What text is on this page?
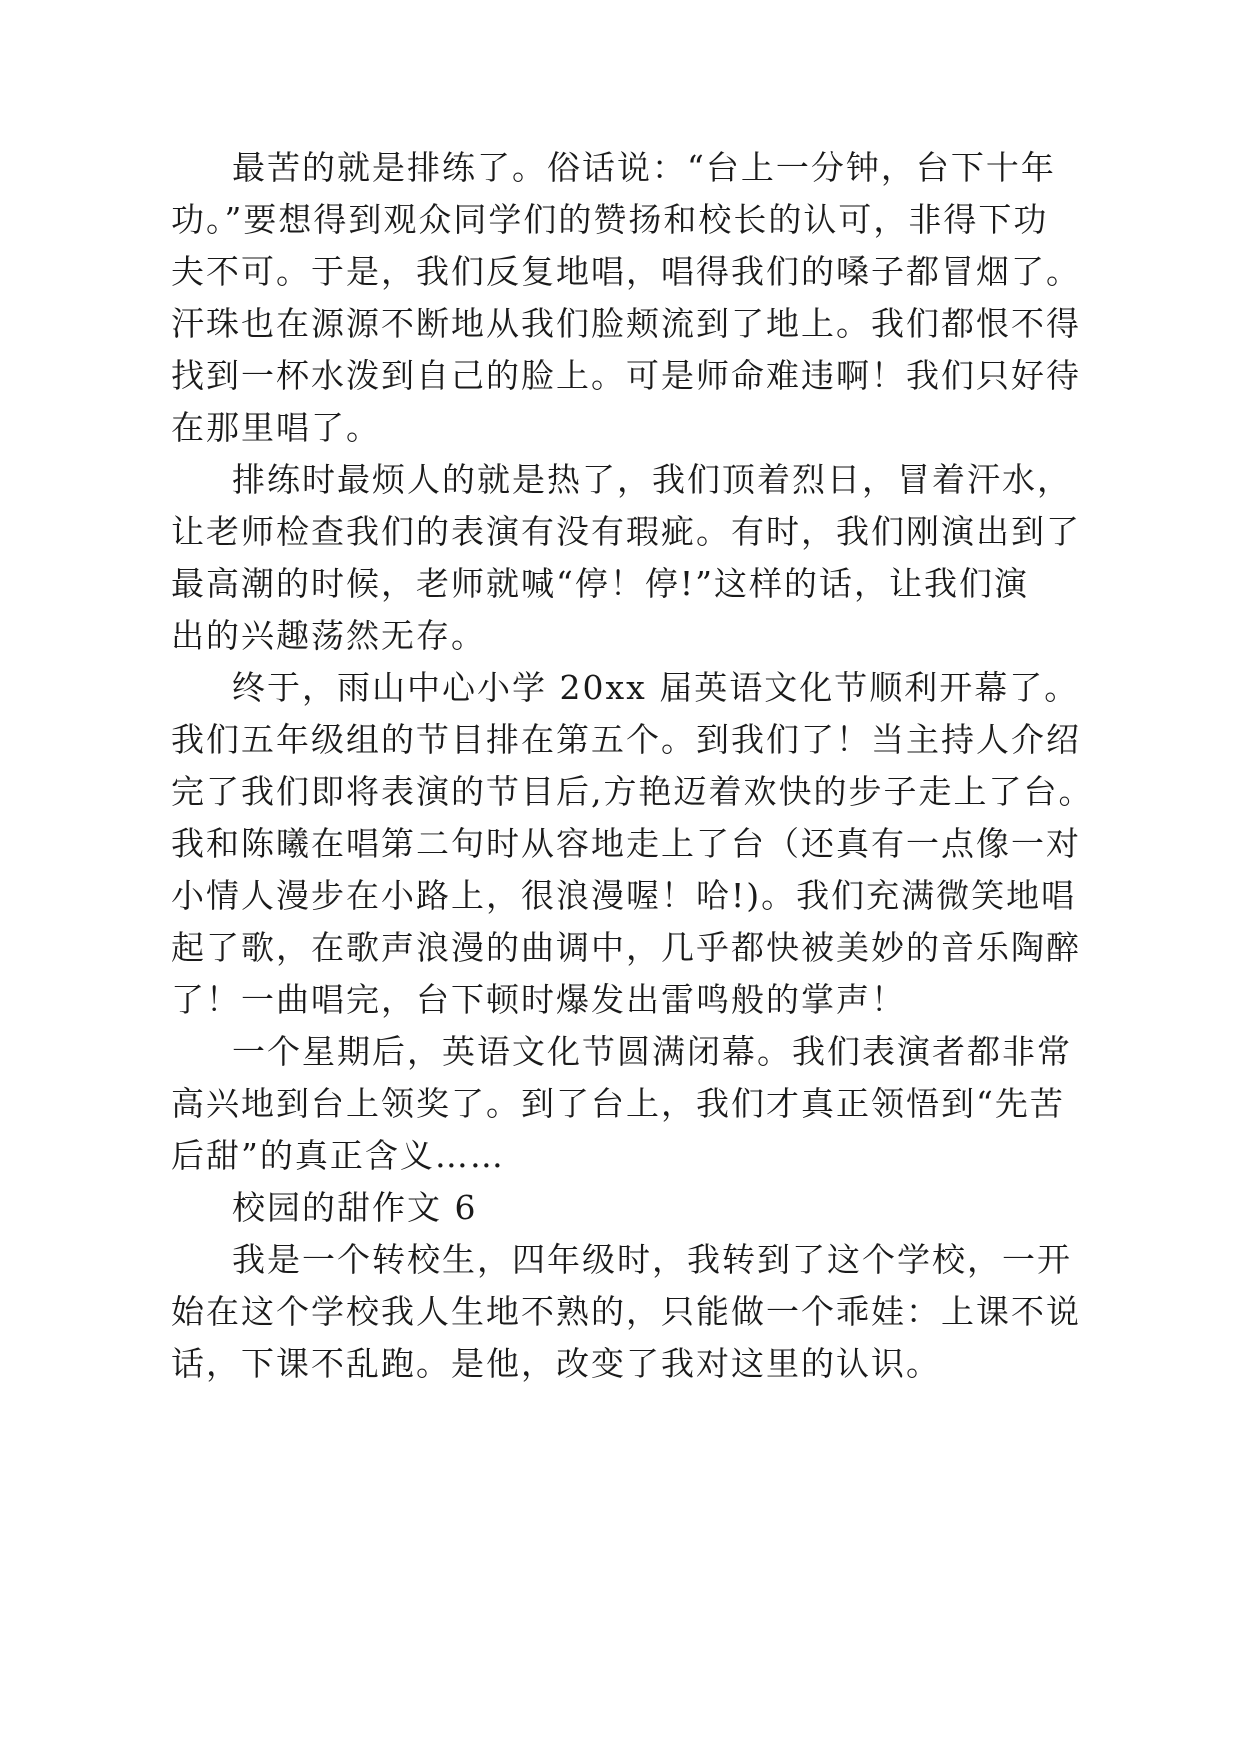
最苦的就是排练了。俗话说：“台上一分钟，台下十年

功。”要想得到观众同学们的赞扬和校长的认可，非得下功

夫不可。于是，我们反复地唱，唱得我们的嗓子都冒烟了。

汗珠也在源源不断地从我们脸颊流到了地上。我们都恨不得

找到一杯水泼到自己的脸上。可是师命难违啊！我们只好待

在那里唱了。

排练时最烦人的就是热了，我们顶着烈日，冒着汗水，

让老师检查我们的表演有没有瑕疵。有时，我们刚演出到了

最高潮的时候，老师就喊“停！停!”这样的话，让我们演

出的兴趣荡然无存。

终于，雨山中心小学 20xx 届英语文化节顺利开幕了。

我们五年级组的节目排在第五个。到我们了！当主持人介绍

完了我们即将表演的节目后,方艳迈着欢快的步子走上了台。

我和陈曦在唱第二句时从容地走上了台（还真有一点像一对

小情人漫步在小路上，很浪漫喔！哈!)。我们充满微笑地唱

起了歌，在歌声浪漫的曲调中，几乎都快被美妙的音乐陶醉

了！一曲唱完，台下顿时爆发出雷鸣般的掌声！

一个星期后，英语文化节圆满闭幕。我们表演者都非常

高兴地到台上领奖了。到了台上，我们才真正领悟到“先苦

后甜”的真正含义……

校园的甜作文 6

我是一个转校生，四年级时，我转到了这个学校，一开

始在这个学校我人生地不熟的，只能做一个乖娃：上课不说

话，下课不乱跑。是他，改变了我对这里的认识。
